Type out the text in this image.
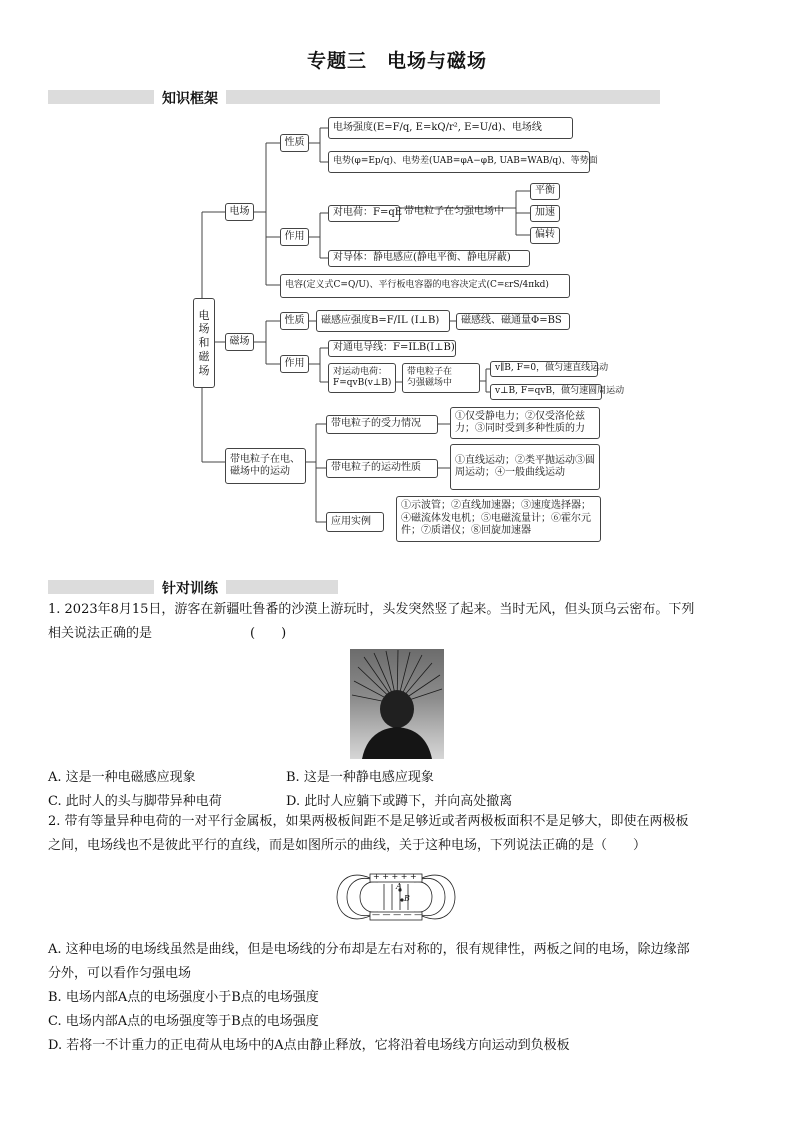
专题三　电场与磁场
知识框架
电
场
和
磁
场
电场
性质
电场强度(E=F/q, E=kQ/r², E=U/d)、电场线
电势(φ=Ep/q)、电势差(UAB=φA−φB, UAB=WAB/q)、等势面
作用
对电荷：F=qE 带电粒子在匀强电场中
平衡
加速
偏转
对导体：静电感应(静电平衡、静电屏蔽)
电容(定义式C=Q/U)、平行板电容器的电容决定式(C=εrS/4πkd)
磁场
性质	磁感应强度B=F/IL (I⊥B)	磁感线、磁通量Φ=BS
作用
对通电导线：F=ILB(I⊥B)
对运动电荷：
F=qvB(v⊥B)
带电粒子在
匀强磁场中
v∥B, F=0，做匀速直线运动
v⊥B, F=qvB，做匀速圆周运动
带电粒子在电、磁场中的运动
带电粒子的受力情况
①仅受静电力；②仅受洛伦兹力；③同时受到多种性质的力
带电粒子的运动性质
①直线运动；②类平抛运动③圆周运动；④一般曲线运动
应用实例
①示波管；②直线加速器；③速度选择器；④磁流体发电机；⑤电磁流量计；⑥霍尔元件；⑦质谱仪；⑧回旋加速器
针对训练
1. 2023年8月15日，游客在新疆吐鲁番的沙漠上游玩时，头发突然竖了起来。当时无风，但头顶乌云密布。下列
相关说法正确的是	(　　)
A. 这是一种电磁感应现象	B. 这是一种静电感应现象
C. 此时人的头与脚带异种电荷	D. 此时人应躺下或蹲下，并向高处撤离
2. 带有等量异种电荷的一对平行金属板，如果两极板间距不是足够近或者两极板面积不是足够大，即使在两极板
之间，电场线也不是彼此平行的直线，而是如图所示的曲线，关于这种电场，下列说法正确的是（　　）
+ + + + +
— — — — —
A
B
A. 这种电场的电场线虽然是曲线，但是电场线的分布却是左右对称的，很有规律性，两板之间的电场，除边缘部
分外，可以看作匀强电场
B. 电场内部A点的电场强度小于B点的电场强度
C. 电场内部A点的电场强度等于B点的电场强度
D. 若将一不计重力的正电荷从电场中的A点由静止释放，它将沿着电场线方向运动到负极板
